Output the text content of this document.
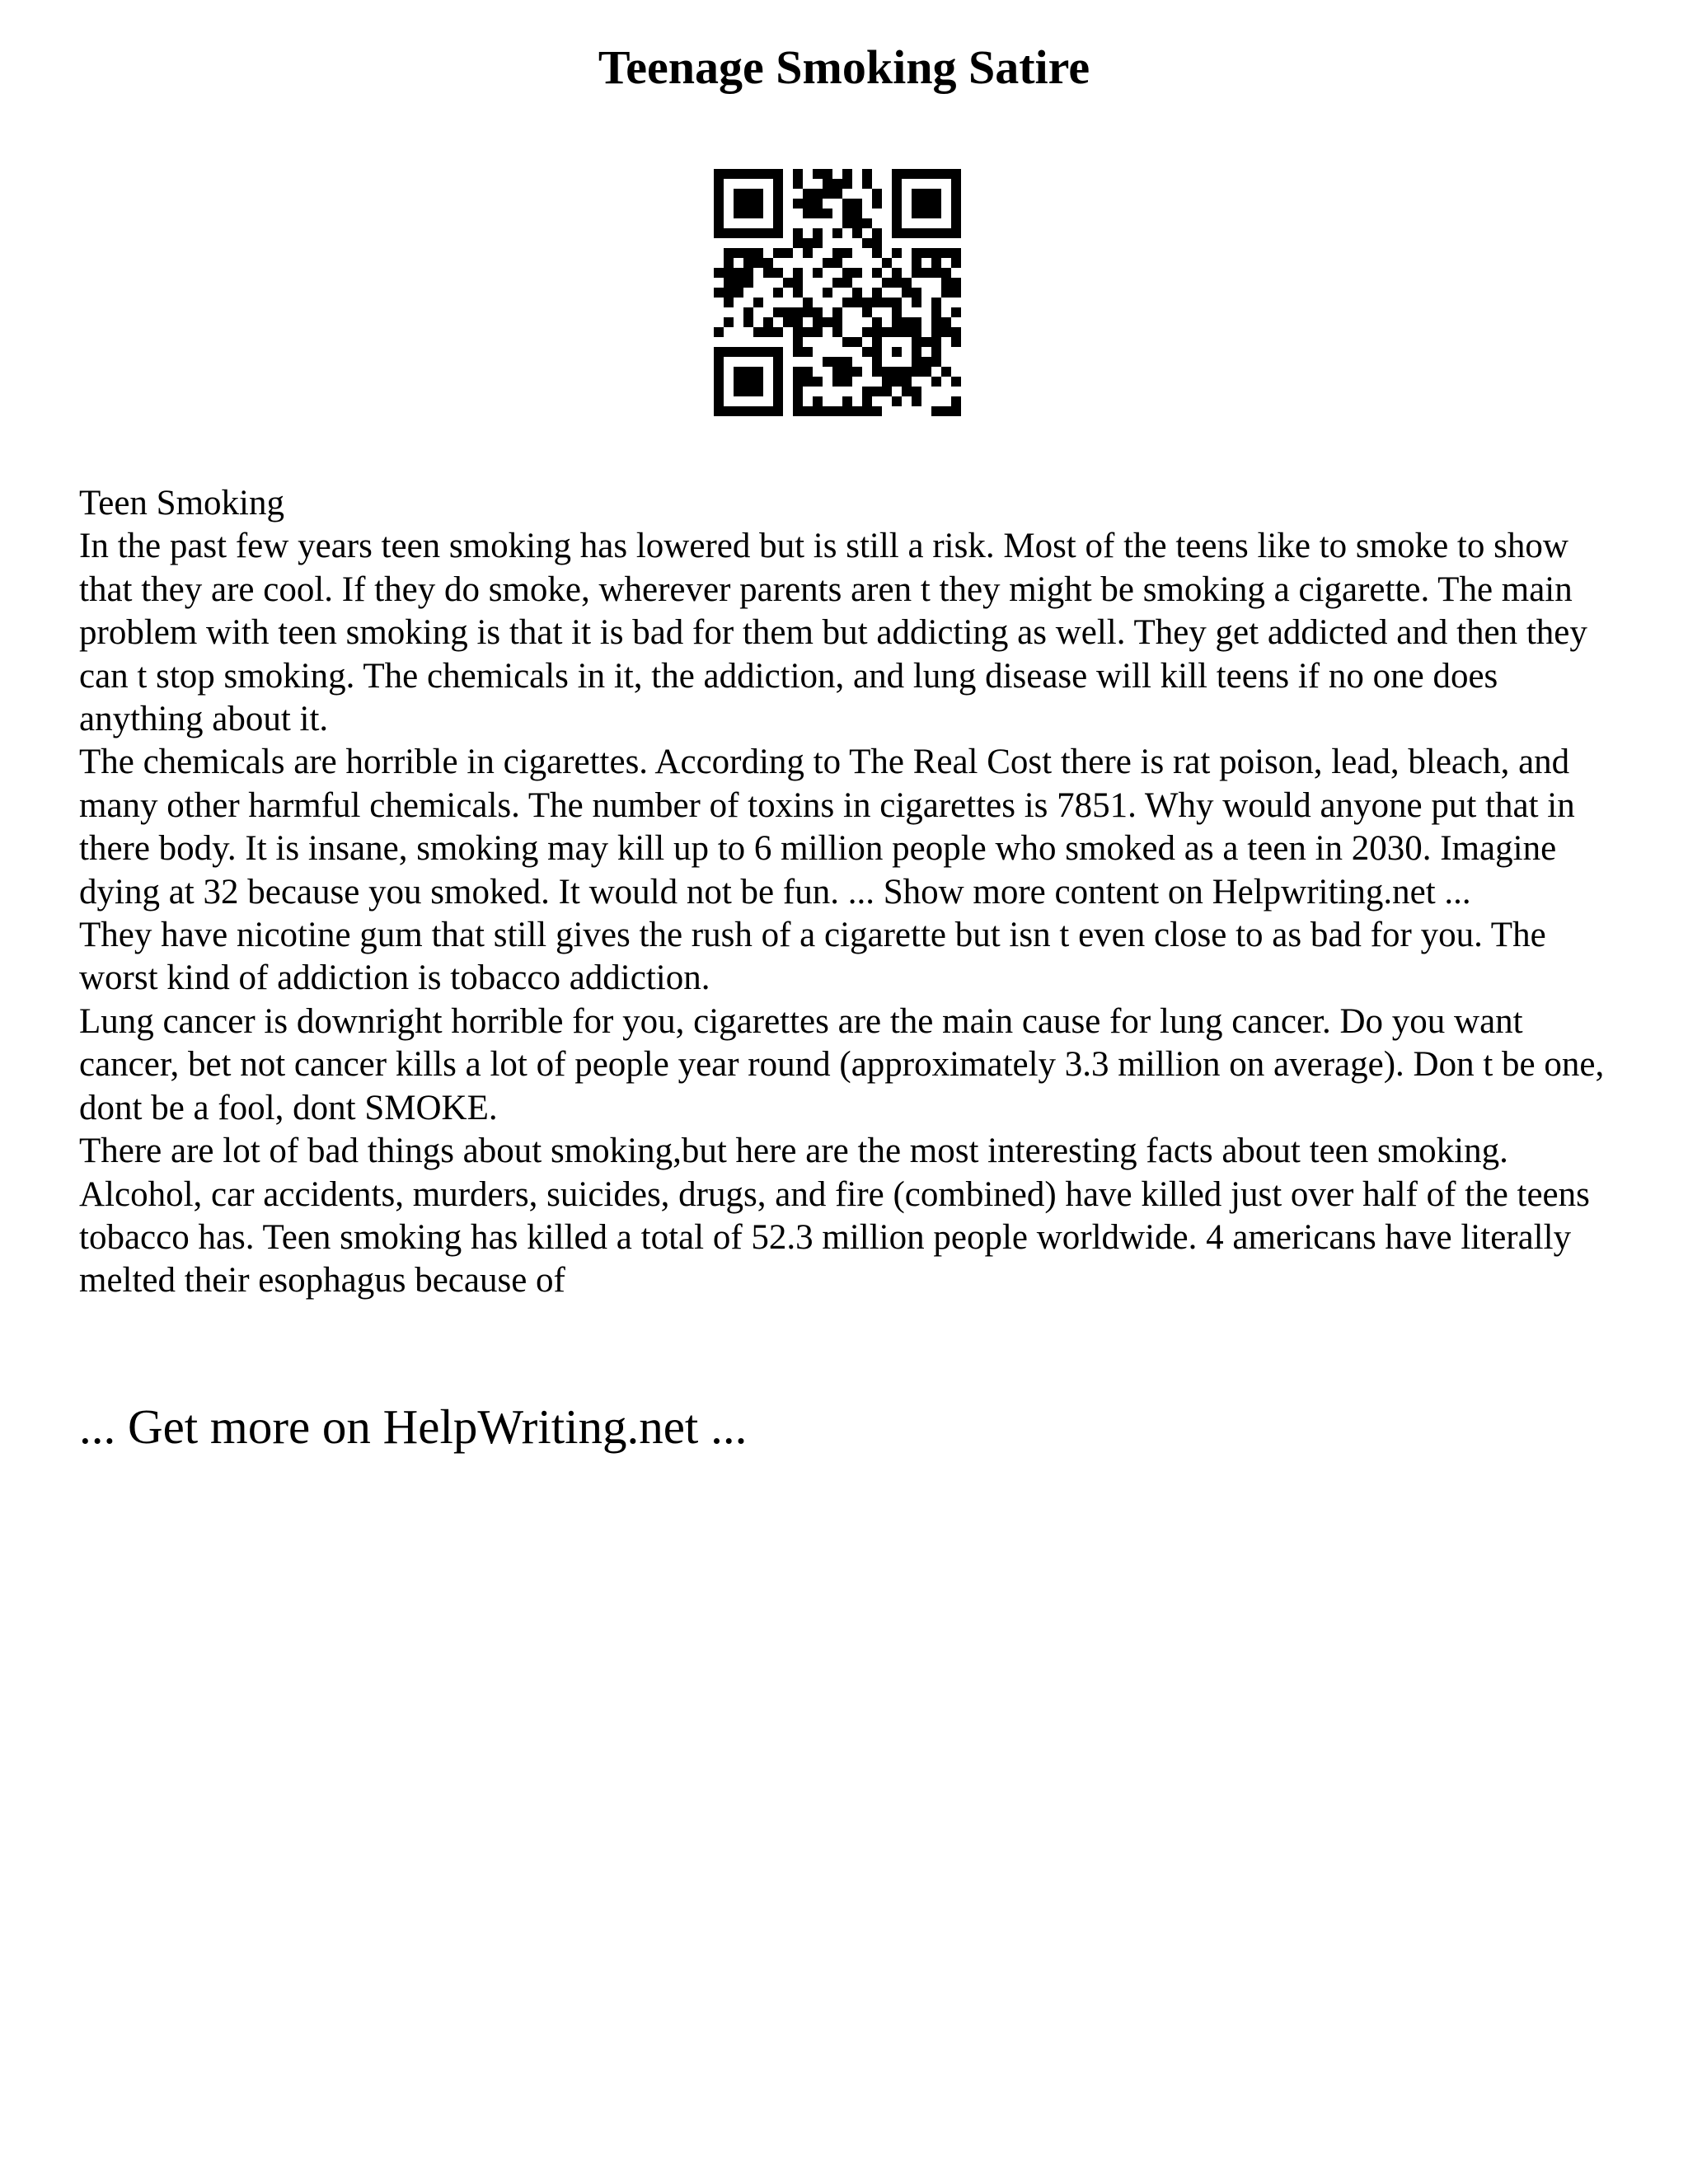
Teenage Smoking Satire

Teen Smoking

In the past few years teen smoking has lowered but is still a risk. Most of the teens like to smoke to show that they are cool. If they do smoke, wherever parents aren t they might be smoking a cigarette. The main problem with teen smoking is that it is bad for them but addicting as well. They get addicted and then they can t stop smoking. The chemicals in it, the addiction, and lung disease will kill teens if no one does anything about it.

The chemicals are horrible in cigarettes. According to The Real Cost there is rat poison, lead, bleach, and many other harmful chemicals. The number of toxins in cigarettes is 7851. Why would anyone put that in there body. It is insane, smoking may kill up to 6 million people who smoked as a teen in 2030. Imagine dying at 32 because you smoked. It would not be fun. ... Show more content on Helpwriting.net ...

They have nicotine gum that still gives the rush of a cigarette but isn t even close to as bad for you. The worst kind of addiction is tobacco addiction.

Lung cancer is downright horrible for you, cigarettes are the main cause for lung cancer. Do you want cancer, bet not cancer kills a lot of people year round (approximately 3.3 million on average). Don t be one, dont be a fool, dont SMOKE.

There are lot of bad things about smoking,but here are the most interesting facts about teen smoking. Alcohol, car accidents, murders, suicides, drugs, and fire (combined) have killed just over half of the teens tobacco has. Teen smoking has killed a total of 52.3 million people worldwide. 4 americans have literally melted their esophagus because of

... Get more on HelpWriting.net ...
